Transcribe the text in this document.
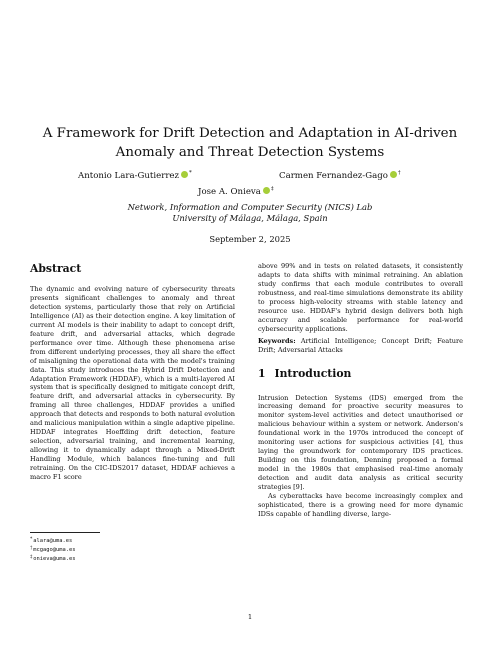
A Framework for Drift Detection and Adaptation in AI-driven Anomaly and Threat Detection Systems
Antonio Lara-Gutierrez *	Carmen Fernandez-Gago †
Jose A. Onieva ‡
Network, Information and Computer Security (NICS) Lab
University of Málaga, Málaga, Spain
September 2, 2025
Abstract

The dynamic and evolving nature of cybersecurity threats presents significant challenges to anomaly and threat detection systems, particularly those that rely on Artificial Intelligence (AI) as their detection engine. A key limitation of current AI models is their inability to adapt to concept drift, feature drift, and adversarial attacks, which degrade performance over time. Although these phenomena arise from different underlying processes, they all share the effect of misaligning the operational data with the model's training data. This study introduces the Hybrid Drift Detection and Adaptation Framework (HDDAF), which is a multi-layered AI system that is specifically designed to mitigate concept drift, feature drift, and adversarial attacks in cybersecurity. By framing all three challenges, HDDAF provides a unified approach that detects and responds to both natural evolution and malicious manipulation within a single adaptive pipeline. HDDAF integrates Hoeffding drift detection, feature selection, adversarial training, and incremental learning, allowing it to dynamically adapt through a Mixed-Drift Handling Module, which balances fine-tuning and full retraining. On the CIC-IDS2017 dataset, HDDAF achieves a macro F1 score

above 99% and in tests on related datasets, it consistently adapts to data shifts with minimal retraining. An ablation study confirms that each module contributes to overall robustness, and real-time simulations demonstrate its ability to process high-velocity streams with stable latency and resource use. HDDAF's hybrid design delivers both high accuracy and scalable performance for real-world cybersecurity applications.

Keywords: Artificial Intelligence; Concept Drift; Feature Drift; Adversarial Attacks

1 Introduction

Intrusion Detection Systems (IDS) emerged from the increasing demand for proactive security measures to monitor system-level activities and detect unauthorised or malicious behaviour within a system or network. Anderson's foundational work in the 1970s introduced the concept of monitoring user actions for suspicious activities [4], thus laying the groundwork for contemporary IDS practices. Building on this foundation, Denning proposed a formal model in the 1980s that emphasised real-time anomaly detection and audit data analysis as critical security strategies [9].

As cyberattacks have become increasingly complex and sophisticated, there is a growing need for more dynamic IDSs capable of handling diverse, large-

*alara@uma.es
†mcgago@uma.es
‡onieva@uma.es
1
